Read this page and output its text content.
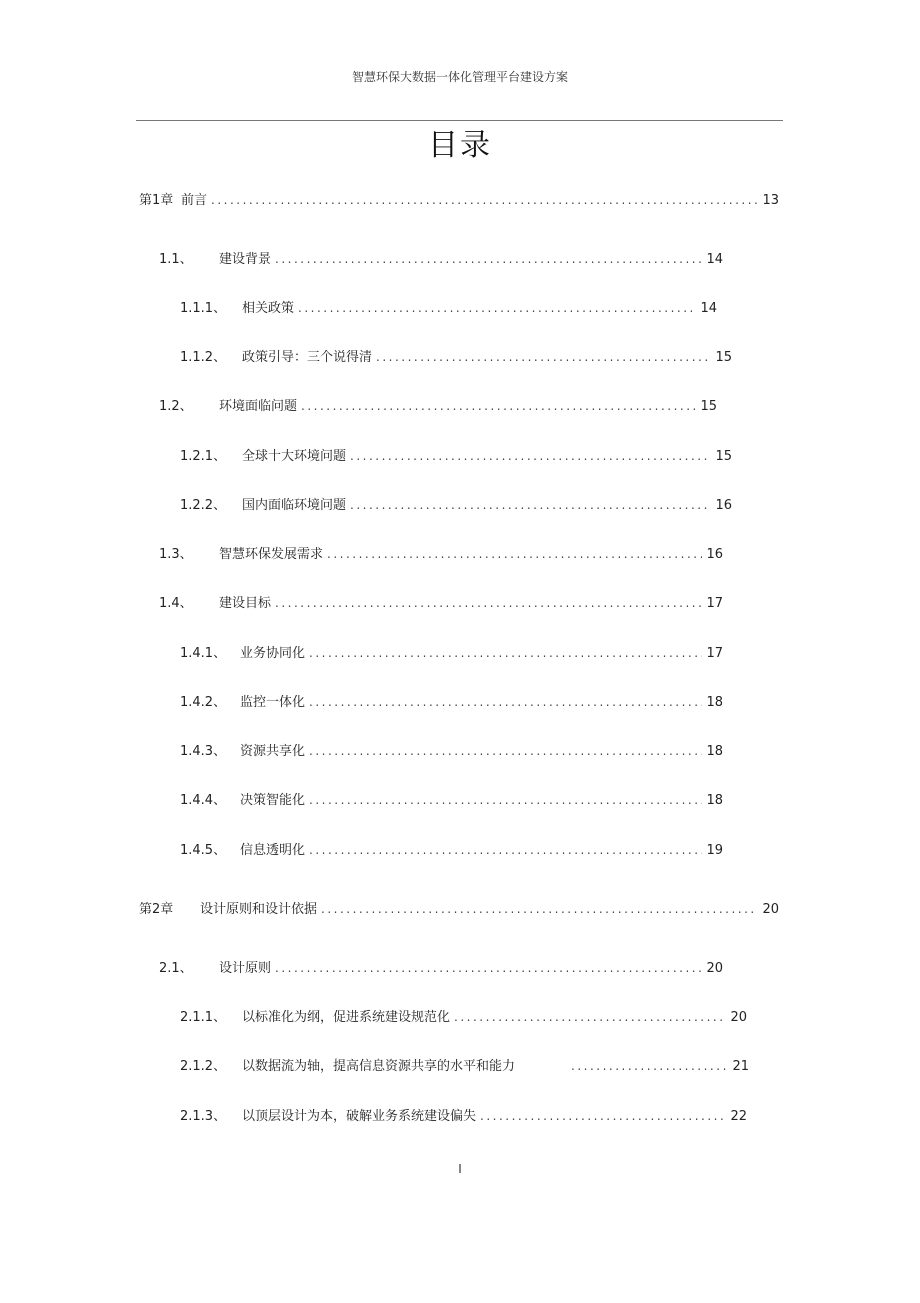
智慧环保大数据一体化管理平台建设方案
目录
第1章 前言 .....	13
1.1、	建设背景 .....	14
1.1.1、	相关政策 .....	14
1.1.2、	政策引导：三个说得清 .....	15
1.2、	环境面临问题 .....	15
1.2.1、	全球十大环境问题 .....	15
1.2.2、	国内面临环境问题 .....	16
1.3、	智慧环保发展需求 .....	16
1.4、	建设目标 .....	17
1.4.1、	业务协同化 .....	17
1.4.2、	监控一体化 .....	18
1.4.3、	资源共享化 .....	18
1.4.4、	决策智能化 .....	18
1.4.5、	信息透明化 .....	19
第2章	设计原则和设计依据 .....	20
2.1、	设计原则 .....	20
2.1.1、	以标准化为纲，促进系统建设规范化 .....	20
2.1.2、	以数据流为轴，提高信息资源共享的水平和能力 .....	21
2.1.3、	以顶层设计为本，破解业务系统建设偏失 .....	22
I
